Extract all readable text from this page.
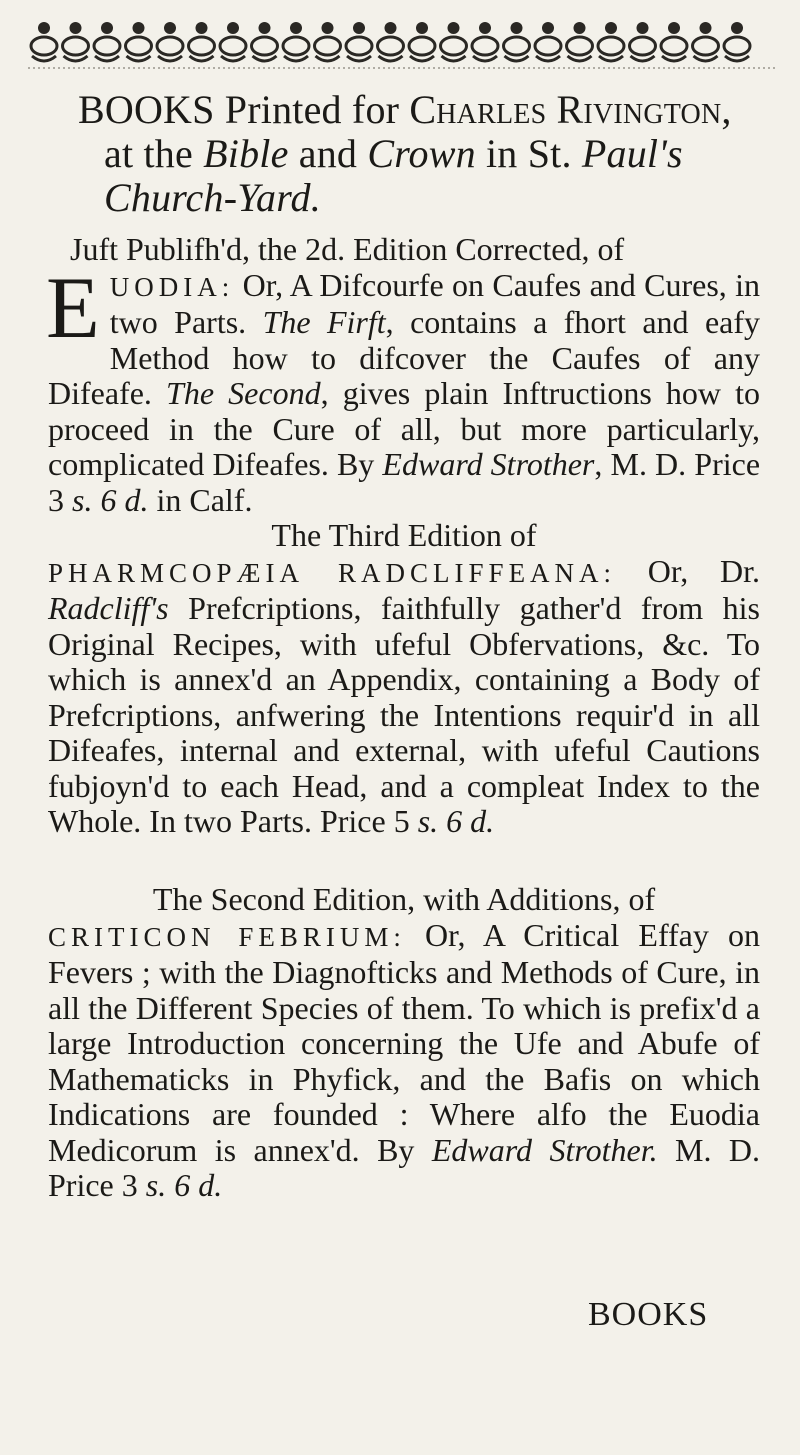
BOOKS Printed for Charles Rivington,
at the Bible and Crown in St. Paul's
Church-Yard.

Juft Publifh'd, the 2d. Edition Corrected, of

EUODIA: Or, A Difcourfe on Caufes and Cures, in two Parts. The Firft, contains a fhort and eafy Method how to difcover the Caufes of any Difeafe. The Second, gives plain Inftructions how to proceed in the Cure of all, but more particularly, complicated Difeafes. By Edward Strother, M. D. Price 3 s. 6 d. in Calf.

The Third Edition of

PHARMCOPÆIA RADCLIFFEANA: Or, Dr. Radcliff's Prefcriptions, faithfully gather'd from his Original Recipes, with ufeful Obfervations, &c. To which is annex'd an Appendix, containing a Body of Prefcriptions, anfwering the Intentions requir'd in all Difeafes, internal and external, with ufeful Cautions fubjoyn'd to each Head, and a compleat Index to the Whole. In two Parts. Price 5 s. 6 d.

The Second Edition, with Additions, of

CRITICON FEBRIUM: Or, A Critical Effay on Fevers ; with the Diagnofticks and Methods of Cure, in all the Different Species of them. To which is prefix'd a large Introduction concerning the Ufe and Abufe of Mathematicks in Phyfick, and the Bafis on which Indications are founded : Where alfo the Euodia Medicorum is annex'd. By Edward Strother. M. D. Price 3 s. 6 d.

BOOKS
